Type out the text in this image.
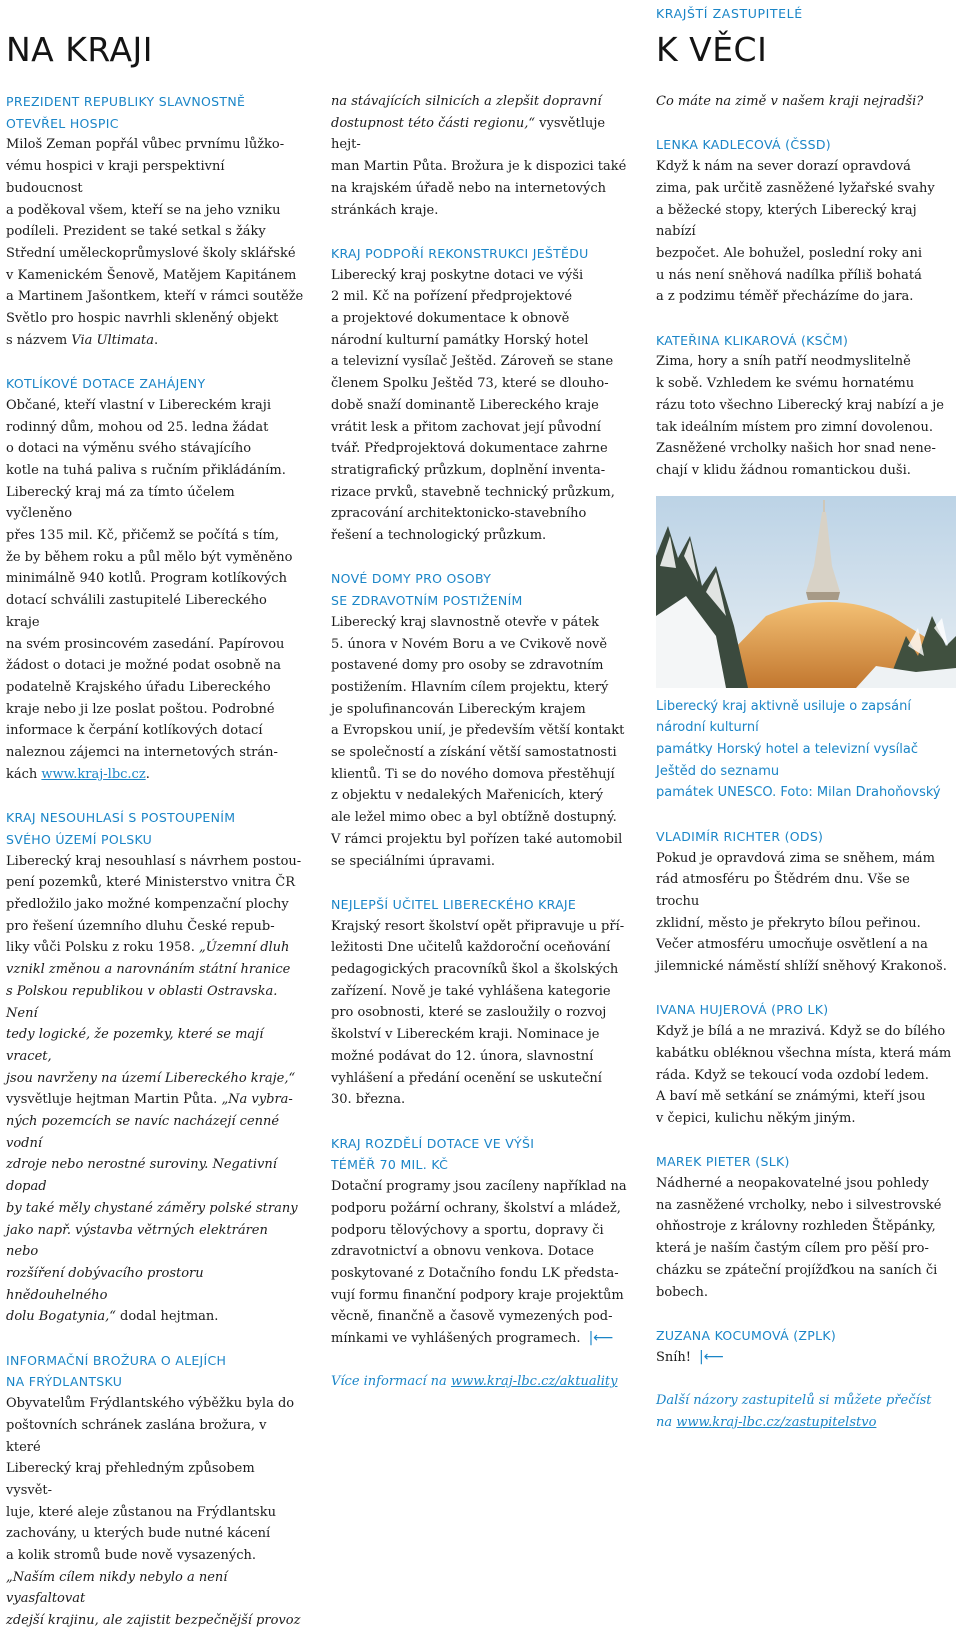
NA KRAJI
KRAJŠTÍ ZASTUPITELÉ
K VĚCI
PREZIDENT REPUBLIKY SLAVNOSTNĚ
OTEVŘEL HOSPIC

Miloš Zeman popřál vůbec prvnímu lůžko-
vému hospici v kraji perspektivní budoucnost
a poděkoval všem, kteří se na jeho vzniku
podíleli. Prezident se také setkal s žáky
Střední uměleckoprůmyslové školy sklářské
v Kamenickém Šenově, Matějem Kapitánem
a Martinem Jašontkem, kteří v rámci soutěže
Světlo pro hospic navrhli skleněný objekt
s názvem Via Ultimata.

KOTLÍKOVÉ DOTACE ZAHÁJENY

Občané, kteří vlastní v Libereckém kraji
rodinný dům, mohou od 25. ledna žádat
o dotaci na výměnu svého stávajícího
kotle na tuhá paliva s ručním přikládáním.
Liberecký kraj má za tímto účelem vyčleněno
přes 135 mil. Kč, přičemž se počítá s tím,
že by během roku a půl mělo být vyměněno
minimálně 940 kotlů. Program kotlíkových
dotací schválili zastupitelé Libereckého kraje
na svém prosincovém zasedání. Papírovou
žádost o dotaci je možné podat osobně na
podatelně Krajského úřadu Libereckého
kraje nebo ji lze poslat poštou. Podrobné
informace k čerpání kotlíkových dotací
naleznou zájemci na internetových strán-
kách www.kraj-lbc.cz.

KRAJ NESOUHLASÍ S POSTOUPENÍM
SVÉHO ÚZEMÍ POLSKU

Liberecký kraj nesouhlasí s návrhem postou-
pení pozemků, které Ministerstvo vnitra ČR
předložilo jako možné kompenzační plochy
pro řešení územního dluhu České repub-
liky vůči Polsku z roku 1958. „Územní dluh
vznikl změnou a narovnáním státní hranice
s Polskou republikou v oblasti Ostravska. Není
tedy logické, že pozemky, které se mají vracet,
jsou navrženy na území Libereckého kraje,“
vysvětluje hejtman Martin Půta. „Na vybra-
ných pozemcích se navíc nacházejí cenné vodní
zdroje nebo nerostné suroviny. Negativní dopad
by také měly chystané záměry polské strany
jako např. výstavba větrných elektráren nebo
rozšíření dobývacího prostoru hnědouhelného
dolu Bogatynia,“ dodal hejtman.

INFORMAČNÍ BROŽURA O ALEJÍCH
NA FRÝDLANTSKU

Obyvatelům Frýdlantského výběžku byla do
poštovních schránek zaslána brožura, v které
Liberecký kraj přehledným způsobem vysvět-
luje, které aleje zůstanou na Frýdlantsku
zachovány, u kterých bude nutné kácení
a kolik stromů bude nově vysazených.

„Naším cílem nikdy nebylo a není vyasfaltovat
zdejší krajinu, ale zajistit bezpečnější provoz

na stávajících silnicích a zlepšit dopravní
dostupnost této části regionu,“ vysvětluje hejt-
man Martin Půta. Brožura je k dispozici také
na krajském úřadě nebo na internetových
stránkách kraje.

KRAJ PODPOŘÍ REKONSTRUKCI JEŠTĚDU

Liberecký kraj poskytne dotaci ve výši
2 mil. Kč na pořízení předprojektové
a projektové dokumentace k obnově
národní kulturní památky Horský hotel
a televizní vysílač Ještěd. Zároveň se stane
členem Spolku Ještěd 73, které se dlouho-
době snaží dominantě Libereckého kraje
vrátit lesk a přitom zachovat její původní
tvář. Předprojektová dokumentace zahrne
stratigrafický průzkum, doplnění inventa-
rizace prvků, stavebně technický průzkum,
zpracování architektonicko-stavebního
řešení a technologický průzkum.

NOVÉ DOMY PRO OSOBY
SE ZDRAVOTNÍM POSTIŽENÍM

Liberecký kraj slavnostně otevře v pátek
5. února v Novém Boru a ve Cvikově nově
postavené domy pro osoby se zdravotním
postižením. Hlavním cílem projektu, který
je spolufinancován Libereckým krajem
a Evropskou unií, je především větší kontakt
se společností a získání větší samostatnosti
klientů. Ti se do nového domova přestěhují
z objektu v nedalekých Mařenicích, který
ale ležel mimo obec a byl obtížně dostupný.
V rámci projektu byl pořízen také automobil
se speciálními úpravami.

NEJLEPŠÍ UČITEL LIBERECKÉHO KRAJE

Krajský resort školství opět připravuje u pří-
ležitosti Dne učitelů každoroční oceňování
pedagogických pracovníků škol a školských
zařízení. Nově je také vyhlášena kategorie
pro osobnosti, které se zasloužily o rozvoj
školství v Libereckém kraji. Nominace je
možné podávat do 12. února, slavnostní
vyhlášení a předání ocenění se uskuteční
30. března.

KRAJ ROZDĚLÍ DOTACE VE VÝŠI
TÉMĚŘ 70 MIL. KČ

Dotační programy jsou zacíleny například na
podporu požární ochrany, školství a mládež,
podporu tělovýchovy a sportu, dopravy či
zdravotnictví a obnovu venkova. Dotace
poskytované z Dotačního fondu LK předsta-
vují formu finanční podpory kraje projektům
věcně, finančně a časově vymezených pod-
mínkami ve vyhlášených programech. |⟵

Více informací na www.kraj-lbc.cz/aktuality

Co máte na zimě v našem kraji nejradši?

LENKA KADLECOVÁ (ČSSD)

Když k nám na sever dorazí opravdová
zima, pak určitě zasněžené lyžařské svahy
a běžecké stopy, kterých Liberecký kraj nabízí
bezpočet. Ale bohužel, poslední roky ani
u nás není sněhová nadílka příliš bohatá
a z podzimu téměř přecházíme do jara.

KATEŘINA KLIKAROVÁ (KSČM)

Zima, hory a sníh patří neodmyslitelně
k sobě. Vzhledem ke svému hornatému
rázu toto všechno Liberecký kraj nabízí a je
tak ideálním místem pro zimní dovolenou.
Zasněžené vrcholky našich hor snad nene-
chají v klidu žádnou romantickou duši.

Liberecký kraj aktivně usiluje o zapsání národní kulturní
památky Horský hotel a televizní vysílač Ještěd do seznamu
památek UNESCO. Foto: Milan Drahoňovský

VLADIMÍR RICHTER (ODS)

Pokud je opravdová zima se sněhem, mám
rád atmosféru po Štědrém dnu. Vše se trochu
zklidní, město je překryto bílou peřinou.
Večer atmosféru umocňuje osvětlení a na
jilemnické náměstí shlíží sněhový Krakonoš.

IVANA HUJEROVÁ (PRO LK)

Když je bílá a ne mrazivá. Když se do bílého
kabátku obléknou všechna místa, která mám
ráda. Když se tekoucí voda ozdobí ledem.
A baví mě setkání se známými, kteří jsou
v čepici, kulichu někým jiným.

MAREK PIETER (SLK)

Nádherné a neopakovatelné jsou pohledy
na zasněžené vrcholky, nebo i silvestrovské
ohňostroje z královny rozhleden Štěpánky,
která je naším častým cílem pro pěší pro-
cházku se zpáteční projížďkou na saních či
bobech.

ZUZANA KOCUMOVÁ (ZPLK)

Sníh! |⟵

Další názory zastupitelů si můžete přečíst
na www.kraj-lbc.cz/zastupitelstvo
